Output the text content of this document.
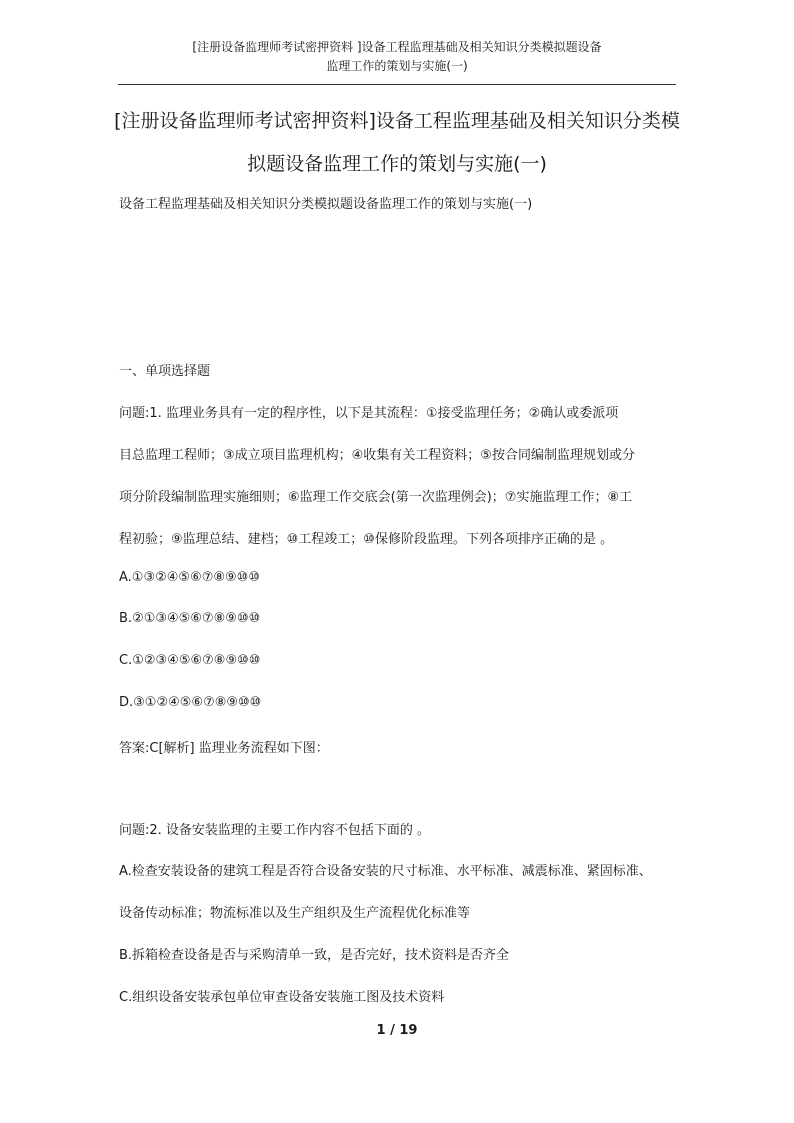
[注册设备监理师考试密押资料 ]设备工程监理基础及相关知识分类模拟题设备
监理工作的策划与实施(一)
[注册设备监理师考试密押资料]设备工程监理基础及相关知识分类模
拟题设备监理工作的策划与实施(一)
设备工程监理基础及相关知识分类模拟题设备监理工作的策划与实施(一)
一、单项选择题
问题:1. 监理业务具有一定的程序性，以下是其流程：①接受监理任务；②确认或委派项
目总监理工程师；③成立项目监理机构；④收集有关工程资料；⑤按合同编制监理规划或分
项分阶段编制监理实施细则；⑥监理工作交底会(第一次监理例会)；⑦实施监理工作；⑧工
程初验；⑨监理总结、建档；⑩工程竣工；⑩保修阶段监理。下列各项排序正确的是 。
A.①③②④⑤⑥⑦⑧⑨⑩⑩
B.②①③④⑤⑥⑦⑧⑨⑩⑩
C.①②③④⑤⑥⑦⑧⑨⑩⑩
D.③①②④⑤⑥⑦⑧⑨⑩⑩
答案:C[解析] 监理业务流程如下图：
问题:2. 设备安装监理的主要工作内容不包括下面的 。
A.检查安装设备的建筑工程是否符合设备安装的尺寸标准、水平标准、减震标准、紧固标准、
设备传动标准；物流标准以及生产组织及生产流程优化标准等
B.拆箱检查设备是否与采购清单一致，是否完好，技术资料是否齐全
C.组织设备安装承包单位审查设备安装施工图及技术资料
1 / 19
